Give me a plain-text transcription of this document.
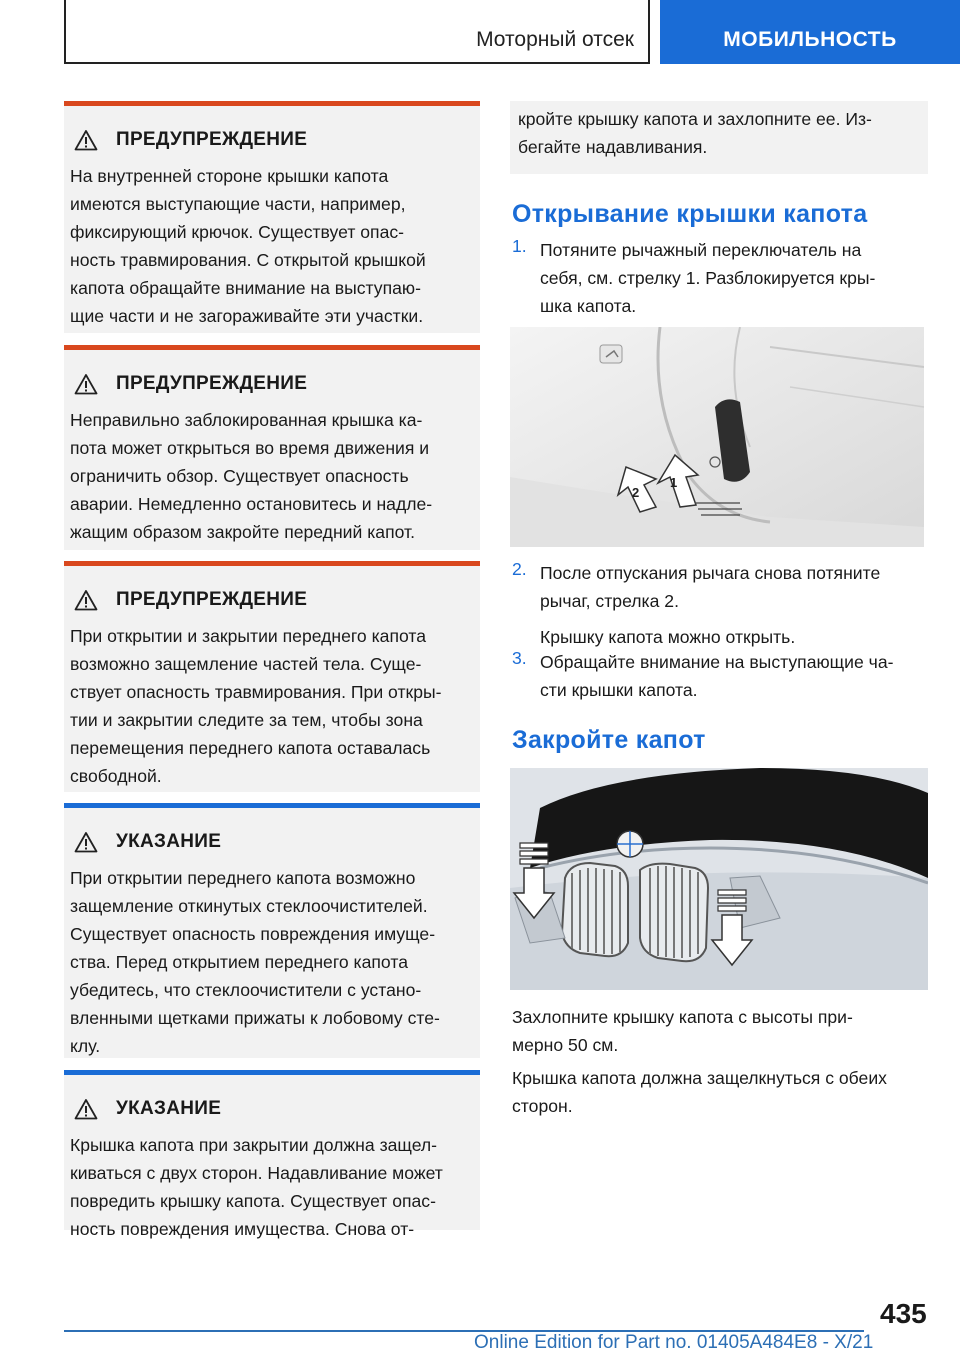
Моторный отсек	МОБИЛЬНОСТЬ
ПРЕДУПРЕЖДЕНИЕ
На внутренней стороне крышки капота
имеются выступающие части, например,
фиксирующий крючок. Существует опас-
ность травмирования. С открытой крышкой
капота обращайте внимание на выступаю-
щие части и не загораживайте эти участки.
ПРЕДУПРЕЖДЕНИЕ
Неправильно заблокированная крышка ка-
пота может открыться во время движения и
ограничить обзор. Существует опасность
аварии. Немедленно остановитесь и надле-
жащим образом закройте передний капот.
ПРЕДУПРЕЖДЕНИЕ
При открытии и закрытии переднего капота
возможно защемление частей тела. Суще-
ствует опасность травмирования. При откры-
тии и закрытии следите за тем, чтобы зона
перемещения переднего капота оставалась
свободной.
УКАЗАНИЕ
При открытии переднего капота возможно
защемление откинутых стеклоочистителей.
Существует опасность повреждения имуще-
ства. Перед открытием переднего капота
убедитесь, что стеклоочистители с устано-
вленными щетками прижаты к лобовому сте-
клу.
УКАЗАНИЕ
Крышка капота при закрытии должна защел-
киваться с двух сторон. Надавливание может
повредить крышку капота. Существует опас-
ность повреждения имущества. Снова от-
кройте крышку капота и захлопните ее. Из-
бегайте надавливания.
Открывание крышки капота
1. Потяните рычажный переключатель на
себя, см. стрелку 1. Разблокируется кры-
шка капота.
1
2
2. После отпускания рычага снова потяните
рычаг, стрелка 2.
Крышку капота можно открыть.
3. Обращайте внимание на выступающие ча-
сти крышки капота.
Закройте капот
Захлопните крышку капота с высоты при-
мерно 50 см.
Крышка капота должна защелкнуться с обеих
сторон.
435
Online Edition for Part no. 01405A484E8 - X/21
